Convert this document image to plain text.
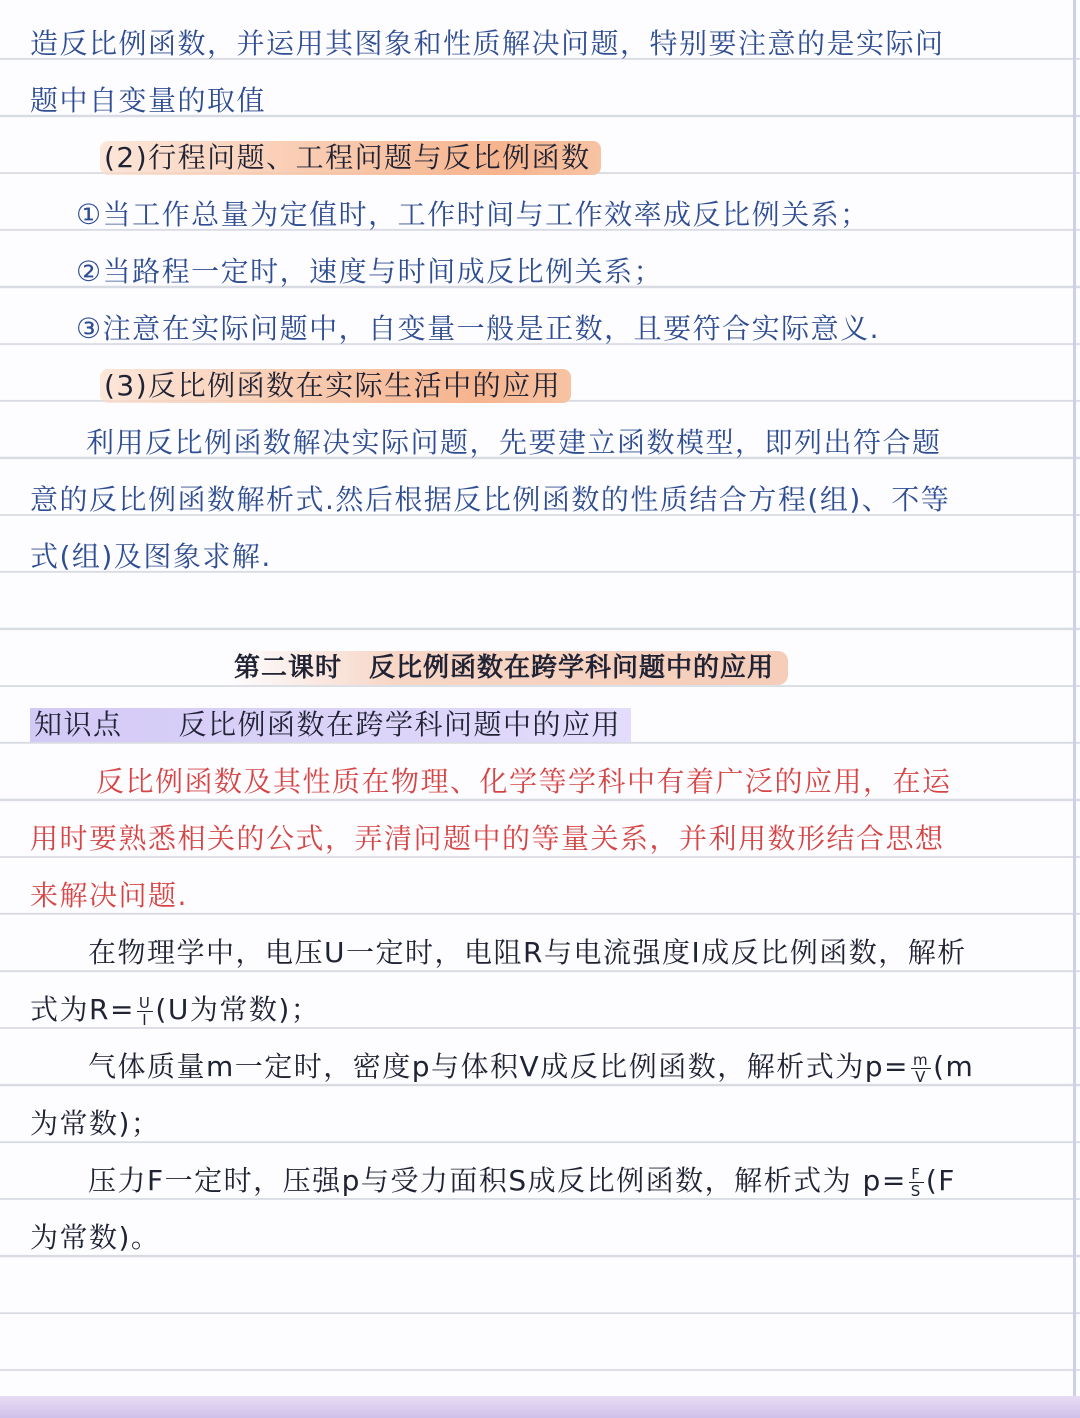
造反比例函数，并运用其图象和性质解决问题，特别要注意的是实际问
题中自变量的取值
(2)行程问题、工程问题与反比例函数
①当工作总量为定值时，工作时间与工作效率成反比例关系；
②当路程一定时，速度与时间成反比例关系；
③注意在实际问题中，自变量一般是正数，且要符合实际意义.
(3)反比例函数在实际生活中的应用
利用反比例函数解决实际问题，先要建立函数模型，即列出符合题
意的反比例函数解析式.然后根据反比例函数的性质结合方程(组)、不等
式(组)及图象求解.
第二课时　反比例函数在跨学科问题中的应用
知识点 反比例函数在跨学科问题中的应用
反比例函数及其性质在物理、化学等学科中有着广泛的应用，在运
用时要熟悉相关的公式，弄清问题中的等量关系，并利用数形结合思想
来解决问题.
在物理学中，电压U一定时，电阻R与电流强度I成反比例函数，解析
式为$R= \frac{U}{I} (U$为常数)；
气体质量m一定时，密度p与体积V成反比例函数，解析式为$p= \frac{m}{V} (m$
为常数)；
压力F一定时，压强p与受力面积S成反比例函数，解析式为 $p= \frac{F}{S} (F$
为常数)。
